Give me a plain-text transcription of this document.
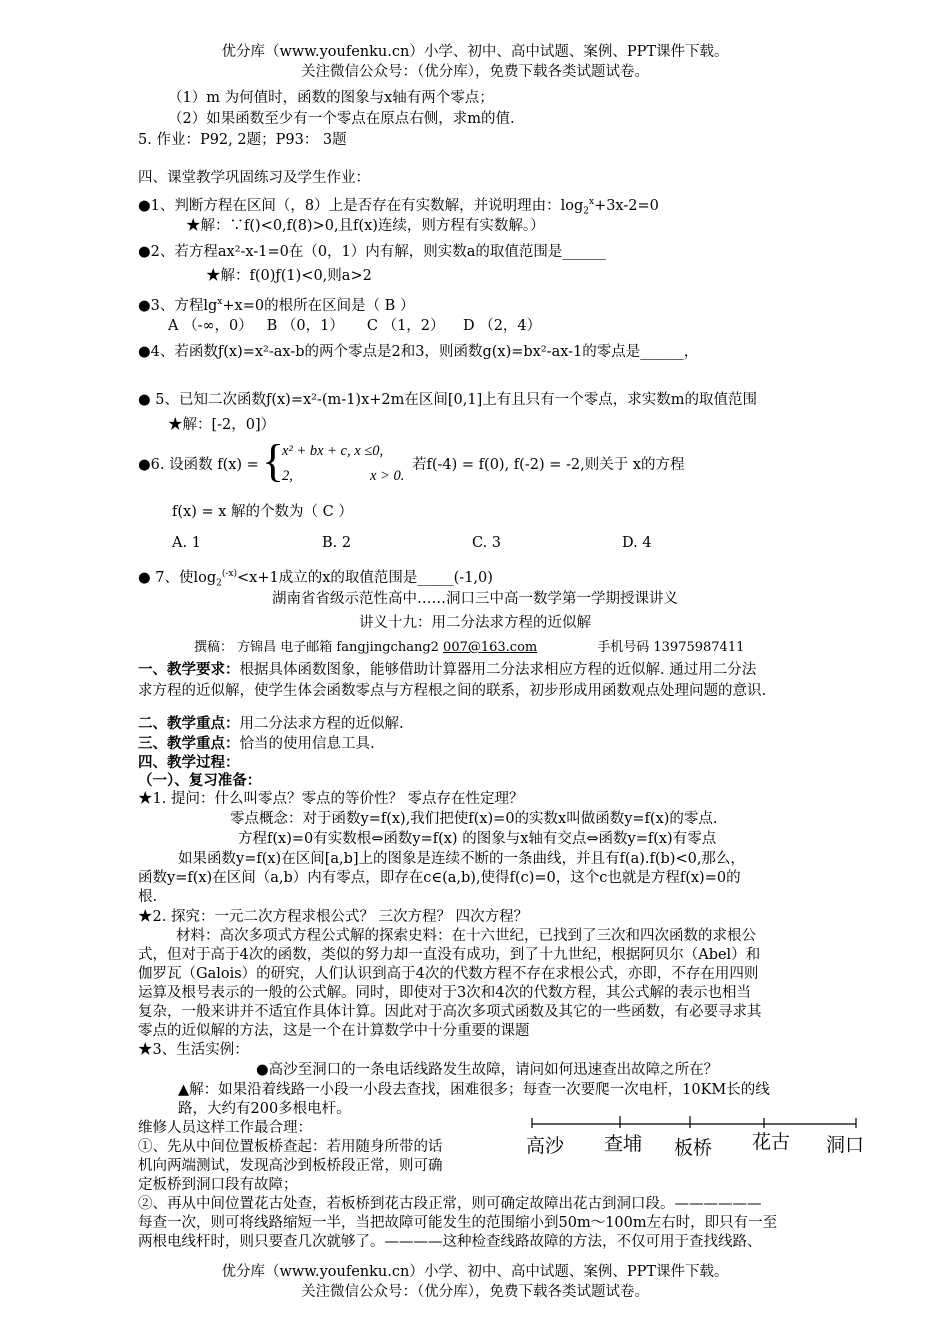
优分库（www.youfenku.cn）小学、初中、高中试题、案例、PPT课件下载。
关注微信公众号：（优分库），免费下载各类试题试卷。
（1）m 为何值时，函数的图象与x轴有两个零点；
（2）如果函数至少有一个零点在原点右侧，求m的值.
5. 作业：P92, 2题；P93： 3题
四、课堂教学巩固练习及学生作业：
●1、判断方程在区间（，8）上是否存在有实数解，并说明理由：$\log_2^x+3x-2=0$
★解：∵f()<0,f(8)>0,且f(x)连续，则方程有实数解。）
●2、若方程ax²-x-1=0在（0，1）内有解，则实数a的取值范围是______
★解：f(0)ƒ(1)<0,则a>2
●3、方程$\lg^x+x=0$的根所在区间是（ B ）
A （-∞，0）   B （0，1）     C （1，2）    D （2，4）
●4、若函数ƒ(x)=x²-ax-b的两个零点是2和3，则函数g(x)=bx²-ax-1的零点是______，
● 5、已知二次函数ƒ(x)=x²-(m-1)x+2m在区间[0,1]上有且只有一个零点，求实数m的取值范围
★解：[-2，0]）
●6. 设函数 f(x) = {
x² + bx + c, x ≤0,
2,	x > 0.
若f(-4) = f(0), f(-2) = -2,则关于 x的方程
f(x) = x 解的个数为（ C ）
A. 1	B. 2	C. 3	D. 4
● 7、使$\log_2^{(-x)}<x+1$成立的x的取值范围是_____(-1,0)
湖南省省级示范性高中……洞口三中高一数学第一学期授课讲义
讲义十九：用二分法求方程的近似解
撰稿： 方锦昌 电子邮箱 fangjingchang2 007@163.com	手机号码 13975987411
一、教学要求：根据具体函数图象，能够借助计算器用二分法求相应方程的近似解. 通过用二分法
求方程的近似解，使学生体会函数零点与方程根之间的联系，初步形成用函数观点处理问题的意识.
二、教学重点：用二分法求方程的近似解.
三、教学重点：恰当的使用信息工具.
四、教学过程：
（一）、复习准备：
★1. 提问：什么叫零点？零点的等价性？ 零点存在性定理？
零点概念：对于函数y=f(x),我们把使f(x)=0的实数x叫做函数y=f(x)的零点.
方程f(x)=0有实数根⇔函数y=f(x) 的图象与x轴有交点⇔函数y=f(x)有零点
如果函数y=f(x)在区间[a,b]上的图象是连续不断的一条曲线，并且有f(a).f(b)<0,那么，
函数y=f(x)在区间（a,b）内有零点，即存在c∈(a,b),使得f(c)=0，这个c也就是方程f(x)=0的
根.
★2. 探究：一元二次方程求根公式？ 三次方程？ 四次方程？
材料：高次多项式方程公式解的探索史料：在十六世纪，已找到了三次和四次函数的求根公
式，但对于高于4次的函数，类似的努力却一直没有成功，到了十九世纪，根据阿贝尔（Abel）和
伽罗瓦（Galois）的研究，人们认识到高于4次的代数方程不存在求根公式，亦即，不存在用四则
运算及根号表示的一般的公式解。同时，即使对于3次和4次的代数方程，其公式解的表示也相当
复杂，一般来讲并不适宜作具体计算。因此对于高次多项式函数及其它的一些函数，有必要寻求其
零点的近似解的方法，这是一个在计算数学中十分重要的课题
★3、生活实例：
●高沙至洞口的一条电话线路发生故障，请问如何迅速查出故障之所在？
▲解：如果沿着线路一小段一小段去查找，困难很多；每查一次要爬一次电杆，10KM长的线
路，大约有200多根电杆。
维修人员这样工作最合理：
①、先从中间位置板桥查起：若用随身所带的话
机向两端测试，发现高沙到板桥段正常，则可确
定板桥到洞口段有故障；
②、再从中间位置花古处查，若板桥到花古段正常，则可确定故障出花古到洞口段。——————
每查一次，则可将线路缩短一半，当把故障可能发生的范围缩小到50m～100m左右时，即只有一至
两根电线杆时，则只要查几次就够了。————这种检查线路故障的方法，不仅可用于查找线路、
高沙 查埔 板桥 花古 洞口
优分库（www.youfenku.cn）小学、初中、高中试题、案例、PPT课件下载。
关注微信公众号：（优分库），免费下载各类试题试卷。
